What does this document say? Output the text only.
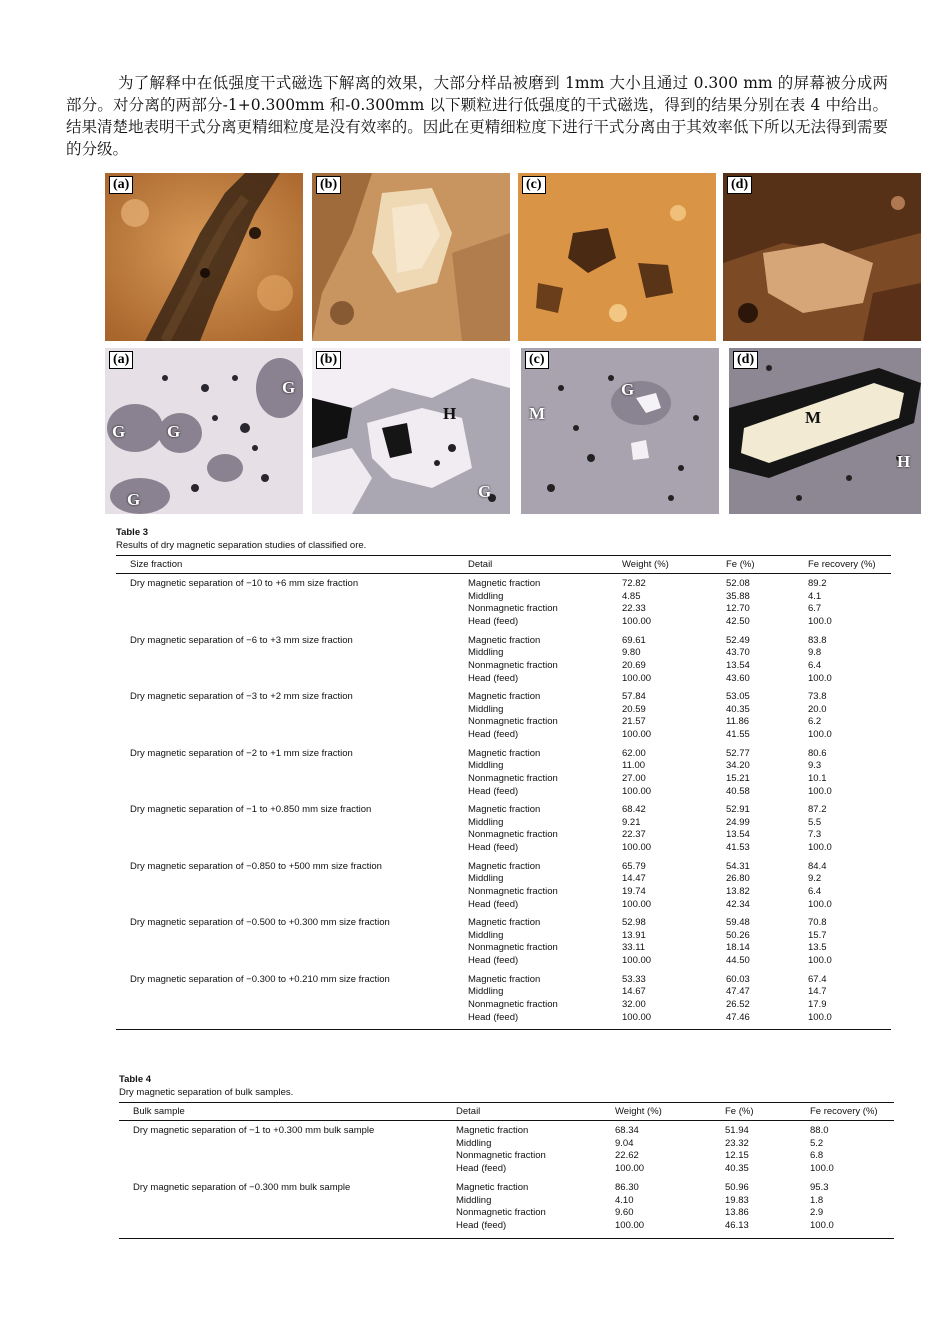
为了解释中在低强度干式磁选下解离的效果，大部分样品被磨到 1mm 大小且通过 0.300 mm 的屏幕被分成两部分。对分离的两部分-1+0.300mm 和-0.300mm 以下颗粒进行低强度的干式磁选，得到的结果分别在表 4 中给出。结果清楚地表明干式分离更精细粒度是没有效率的。因此在更精细粒度下进行干式分离由于其效率低下所以无法得到需要的分级。

(a)	(b)	(c)	(d)
(a)
G
G G
G
(b)
H
G
(c)
M
G
(d)
M
H
Table 3
Results of dry magnetic separation studies of classified ore.
Size fraction	Detail	Weight (%)	Fe (%)	Fe recovery (%)
Dry magnetic separation of −10 to +6 mm size fraction	Magnetic fraction	72.82	52.08	89.2
Middling	4.85	35.88	4.1
Nonmagnetic fraction	22.33	12.70	6.7
Head (feed)	100.00	42.50	100.0
Dry magnetic separation of −6 to +3 mm size fraction	Magnetic fraction	69.61	52.49	83.8
Middling	9.80	43.70	9.8
Nonmagnetic fraction	20.69	13.54	6.4
Head (feed)	100.00	43.60	100.0
Dry magnetic separation of −3 to +2 mm size fraction	Magnetic fraction	57.84	53.05	73.8
Middling	20.59	40.35	20.0
Nonmagnetic fraction	21.57	11.86	6.2
Head (feed)	100.00	41.55	100.0
Dry magnetic separation of −2 to +1 mm size fraction	Magnetic fraction	62.00	52.77	80.6
Middling	11.00	34.20	9.3
Nonmagnetic fraction	27.00	15.21	10.1
Head (feed)	100.00	40.58	100.0
Dry magnetic separation of −1 to +0.850 mm size fraction	Magnetic fraction	68.42	52.91	87.2
Middling	9.21	24.99	5.5
Nonmagnetic fraction	22.37	13.54	7.3
Head (feed)	100.00	41.53	100.0
Dry magnetic separation of −0.850 to +500 mm size fraction	Magnetic fraction	65.79	54.31	84.4
Middling	14.47	26.80	9.2
Nonmagnetic fraction	19.74	13.82	6.4
Head (feed)	100.00	42.34	100.0
Dry magnetic separation of −0.500 to +0.300 mm size fraction	Magnetic fraction	52.98	59.48	70.8
Middling	13.91	50.26	15.7
Nonmagnetic fraction	33.11	18.14	13.5
Head (feed)	100.00	44.50	100.0
Dry magnetic separation of −0.300 to +0.210 mm size fraction	Magnetic fraction	53.33	60.03	67.4
Middling	14.67	47.47	14.7
Nonmagnetic fraction	32.00	26.52	17.9
Head (feed)	100.00	47.46	100.0
Table 4
Dry magnetic separation of bulk samples.
Bulk sample	Detail	Weight (%)	Fe (%)	Fe recovery (%)
Dry magnetic separation of −1 to +0.300 mm bulk sample	Magnetic fraction	68.34	51.94	88.0
Middling	9.04	23.32	5.2
Nonmagnetic fraction	22.62	12.15	6.8
Head (feed)	100.00	40.35	100.0
Dry magnetic separation of −0.300 mm bulk sample	Magnetic fraction	86.30	50.96	95.3
Middling	4.10	19.83	1.8
Nonmagnetic fraction	9.60	13.86	2.9
Head (feed)	100.00	46.13	100.0
